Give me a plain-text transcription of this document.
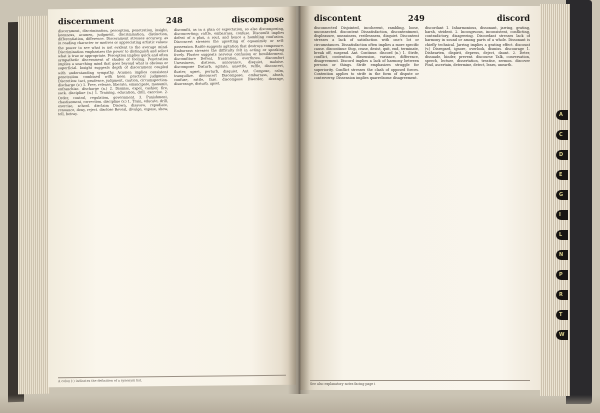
discernment	248	discompose
discernment, discrimination, perception, penetration, insight, keenness, acumen, judgment. discrimination, distinction, differentiation, difference. Discernment stresses accuracy, as in reading character or motives or appreciating artistic values: the power to see what is not evident to the average mind. Discrimination emphasizes the power to distinguish and select what is true or appropriate. Perception implies quick and often sympathetic discernment of shades of feeling. Penetration implies a searching mind that goes beyond what is obvious or superficial. Insight suggests depth of discernment coupled with understanding sympathy. Acumen implies consistent penetration combined with keen practical judgment. Discretion: tact, prudence, judgment, caution, circumspection. discharge (v.) 1. Free, release, liberate, emancipate, manumit, enfranchise. discharge (n.) 2. Dismiss, expel, cashier, fire, sack. discipline (n.) 1. Training, education, drill, exercise. 2. Order, control, regulation, government. 3. Punishment, chastisement, correction. discipline (v.) 1. Train, educate, drill, exercise, school. disclaim Disown, disavow, repudiate, renounce, deny, reject. disclose Reveal, divulge, expose, show, tell, betray.
discomfit, as in a plan or expectation, so also discomposing, disconcerting; rattle, embarrass, confuse. Discomfit implies defeat of a plan, a rout, and hence a humbling confusion. Disconcert stresses the upsetting of equanimity or self-possession. Rattle suggests agitation that destroys composure. Embarrass stresses the difficulty felt in acting or speaking freely. Fluster suggests nervous confusion or bewilderment. discomfiture Defeat, frustration, overthrow. discomfort Uneasiness, distress, annoyance, disquiet, malaise. discompose Disturb, agitate, unsettle, ruffle, disconcert, fluster, upset, perturb, disquiet. Ant. Compose, calm, tranquilize. disconcert Discompose, embarrass, abash, confuse, rattle, faze. discompose Disorder, derange, disarrange, disturb, upset.
A colon (:) indicates the definition of a synonym list.
discontent	249	discord
disconnected Disjointed, incoherent, rambling, loose, unconnected. discontent Dissatisfaction, discontentment, displeasure, uneasiness, restlessness, disquiet. Discontent stresses a lack of satisfaction with one's lot or circumstances. Dissatisfaction often implies a more specific cause. discontinue Stop, cease, desist, quit, end, terminate, break off, suspend. Ant. Continue. discord (n.) 1. Strife, conflict, contention, dissension, variance, difference, disagreement. Discord implies a lack of harmony between persons or things. Strife emphasizes struggle for superiority. Conflict stresses the clash of opposed forces. Contention applies to strife in the form of dispute or controversy. Dissension implies quarrelsome disagreement.
discordant 1. Inharmonious, dissonant, jarring, grating, harsh, strident. 2. Incongruous, inconsistent, conflicting, contradictory, disagreeing. Discordant stresses lack of harmony in sound or among parts of a whole. Dissonant is chiefly technical. Jarring implies a grating effect. discount (v.) Disregard, ignore, overlook, dismiss. discourage 1. Dishearten, dispirit, depress, deject, daunt. 2. Deter, dissuade, hinder, prevent. discourse Talk, conversation, speech, lecture, dissertation, treatise, sermon. discover Find, ascertain, determine, detect, learn, unearth.
See also explanatory notes facing page i
A
C
D
E
G
I
L
N
P
R
T
W
